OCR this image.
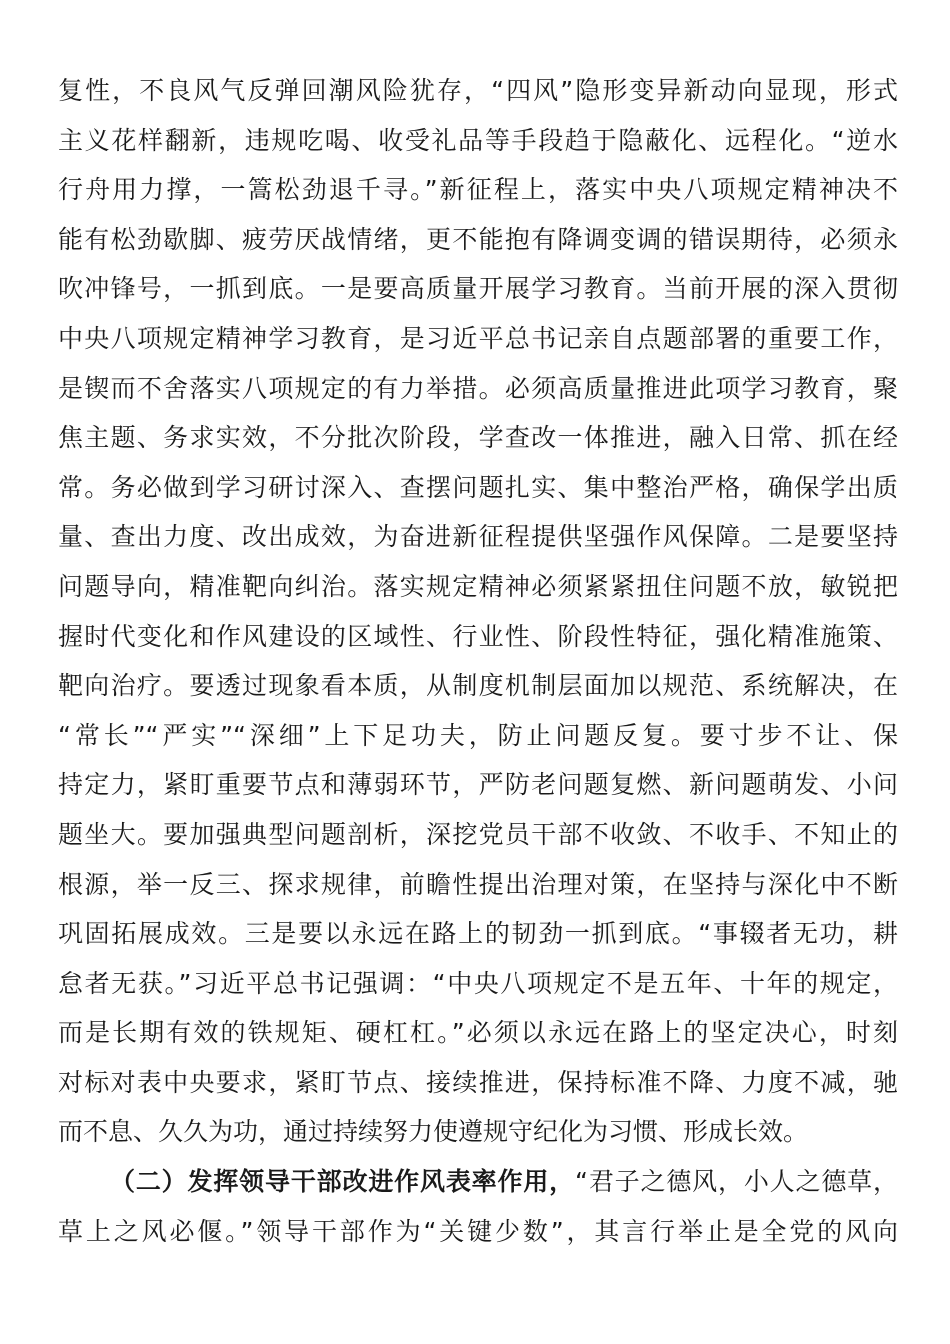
复性，不良风气反弹回潮风险犹存，“四风”隐形变异新动向显现，形式
主义花样翻新，违规吃喝、收受礼品等手段趋于隐蔽化、远程化。“逆水
行舟用力撑，一篙松劲退千寻。”新征程上，落实中央八项规定精神决不
能有松劲歇脚、疲劳厌战情绪，更不能抱有降调变调的错误期待，必须永
吹冲锋号，一抓到底。一是要高质量开展学习教育。当前开展的深入贯彻
中央八项规定精神学习教育，是习近平总书记亲自点题部署的重要工作，
是锲而不舍落实八项规定的有力举措。必须高质量推进此项学习教育，聚
焦主题、务求实效，不分批次阶段，学查改一体推进，融入日常、抓在经
常。务必做到学习研讨深入、查摆问题扎实、集中整治严格，确保学出质
量、查出力度、改出成效，为奋进新征程提供坚强作风保障。二是要坚持
问题导向，精准靶向纠治。落实规定精神必须紧紧扭住问题不放，敏锐把
握时代变化和作风建设的区域性、行业性、阶段性特征，强化精准施策、
靶向治疗。要透过现象看本质，从制度机制层面加以规范、系统解决，在
“常长”“严实”“深细”上下足功夫，防止问题反复。要寸步不让、保
持定力，紧盯重要节点和薄弱环节，严防老问题复燃、新问题萌发、小问
题坐大。要加强典型问题剖析，深挖党员干部不收敛、不收手、不知止的
根源，举一反三、探求规律，前瞻性提出治理对策，在坚持与深化中不断
巩固拓展成效。三是要以永远在路上的韧劲一抓到底。“事辍者无功，耕
怠者无获。”习近平总书记强调：“中央八项规定不是五年、十年的规定，
而是长期有效的铁规矩、硬杠杠。”必须以永远在路上的坚定决心，时刻
对标对表中央要求，紧盯节点、接续推进，保持标准不降、力度不减，驰
而不息、久久为功，通过持续努力使遵规守纪化为习惯、形成长效。
（二）发挥领导干部改进作风表率作用，“君子之德风，小人之德草，
草上之风必偃。”领导干部作为“关键少数”，其言行举止是全党的风向
